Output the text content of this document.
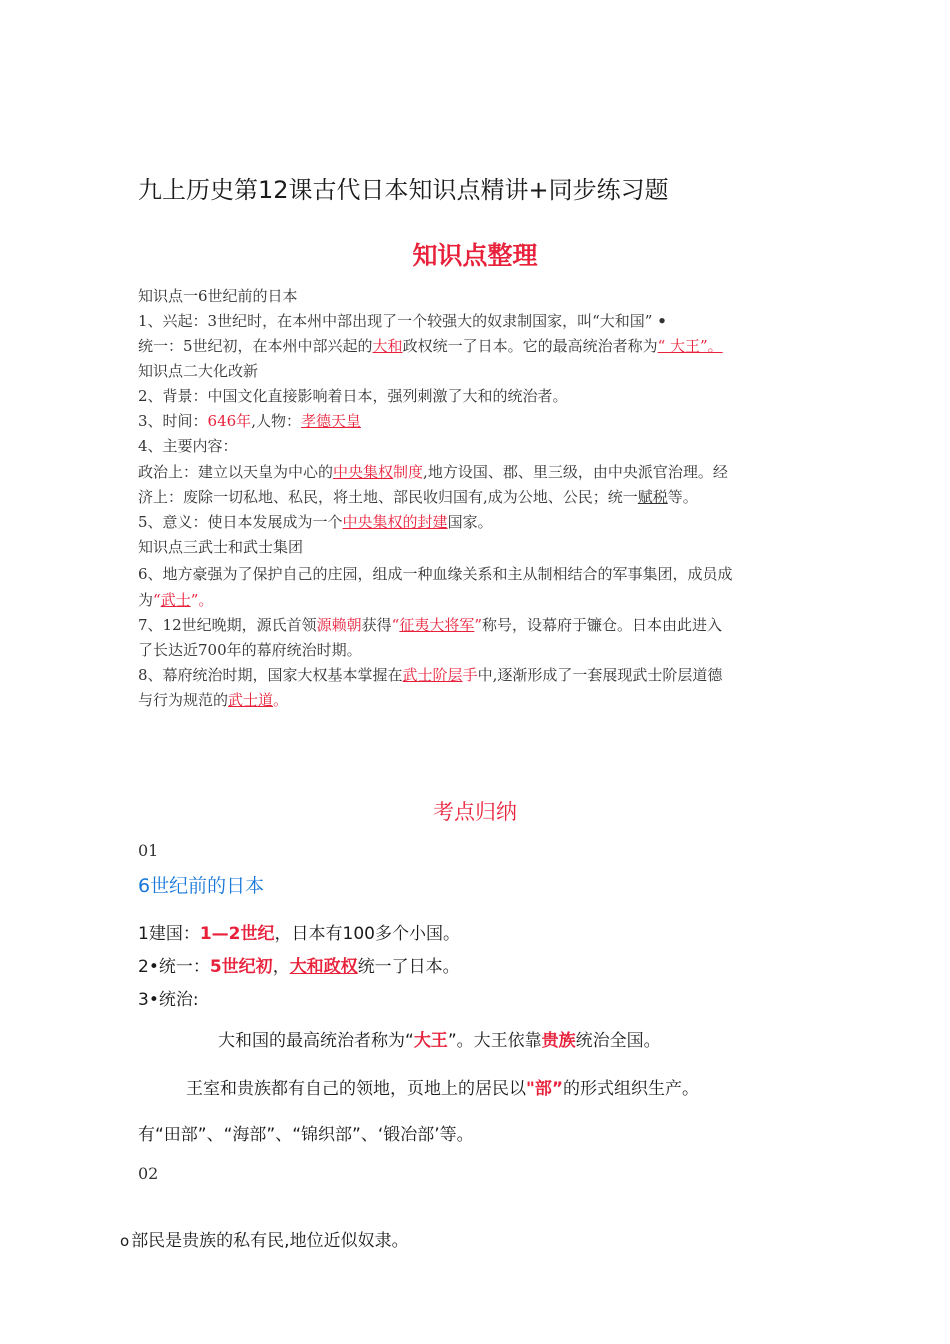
九上历史第12课古代日本知识点精讲+同步练习题
知识点整理
知识点一6世纪前的日本
1、兴起：3世纪时，在本州中部出现了一个较强大的奴隶制国家，叫“大和国” •
统一：5世纪初，在本州中部兴起的大和政权统一了日本。它的最高统治者称为“ 大王”。
知识点二大化改新
2、背景：中国文化直接影响着日本，强列刺激了大和的统治者。
3、时间：646年,人物：孝德天皇
4、主要内容：
政治上：建立以天皇为中心的中央集权制度,地方设国、郡、里三级，由中央派官治理。经
济上：废除一切私地、私民，将土地、部民收归国有,成为公地、公民；统一赋税等。
5、意义：使日本发展成为一个中央集权的封建国家。
知识点三武士和武士集团
6、地方豪强为了保护自己的庄园，组成一种血缘关系和主从制相结合的军事集团，成员成
为“武士”。
7、12世纪晚期，源氏首领源赖朝获得“征夷大将军”称号，设幕府于镰仓。日本由此进入
了长达近700年的幕府统治时期。
8、幕府统治时期，国家大权基本掌握在武士阶层手中,逐渐形成了一套展现武士阶层道德
与行为规范的武士道。
考点归纳
01
6世纪前的日本
1建国：1—2世纪，日本有100多个小国。
2•统一：5世纪初，大和政权统一了日本。
3•统治:
大和国的最高统治者称为“大王”。大王依靠贵族统治全国。
王室和贵族都有自己的领地，页地上的居民以"部”的形式组织生产。
有“田部”、“海部”、“锦织部”、‘锻冶部’等。
02
o 部民是贵族的私有民,地位近似奴隶。
